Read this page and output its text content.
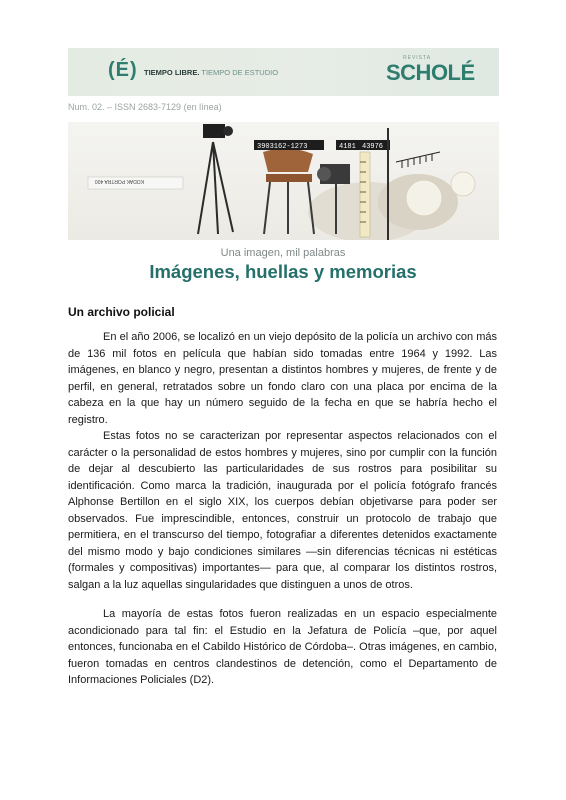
(É) TIEMPO LIBRE. TIEMPO DE ESTUDIO
REVISTA
SCHOLÉ
Num. 02. – ISSN 2683-7129 (en línea)
KODAK PORTRA 400
3903162-1273	4181 43976
Una imagen, mil palabras
Imágenes, huellas y memorias
Un archivo policial

En el año 2006, se localizó en un viejo depósito de la policía un archivo con más de 136 mil fotos en película que habían sido tomadas entre 1964 y 1992. Las imágenes, en blanco y negro, presentan a distintos hombres y mujeres, de frente y de perfil, en general, retratados sobre un fondo claro con una placa por encima de la cabeza en la que hay un número seguido de la fecha en que se habría hecho el registro.

Estas fotos no se caracterizan por representar aspectos relacionados con el carácter o la personalidad de estos hombres y mujeres, sino por cumplir con la función de dejar al descubierto las particularidades de sus rostros para posibilitar su identificación. Como marca la tradición, inaugurada por el policía fotógrafo francés Alphonse Bertillon en el siglo XIX, los cuerpos debían objetivarse para poder ser observados. Fue imprescindible, entonces, construir un protocolo de trabajo que permitiera, en el transcurso del tiempo, fotografiar a diferentes detenidos exactamente del mismo modo y bajo condiciones similares —sin diferencias técnicas ni estéticas (formales y compositivas) importantes— para que, al comparar los distintos rostros, salgan a la luz aquellas singularidades que distinguen a unos de otros.

La mayoría de estas fotos fueron realizadas en un espacio especialmente acondicionado para tal fin: el Estudio en la Jefatura de Policía –que, por aquel entonces, funcionaba en el Cabildo Histórico de Córdoba–. Otras imágenes, en cambio, fueron tomadas en centros clandestinos de detención, como el Departamento de Informaciones Policiales (D2).
